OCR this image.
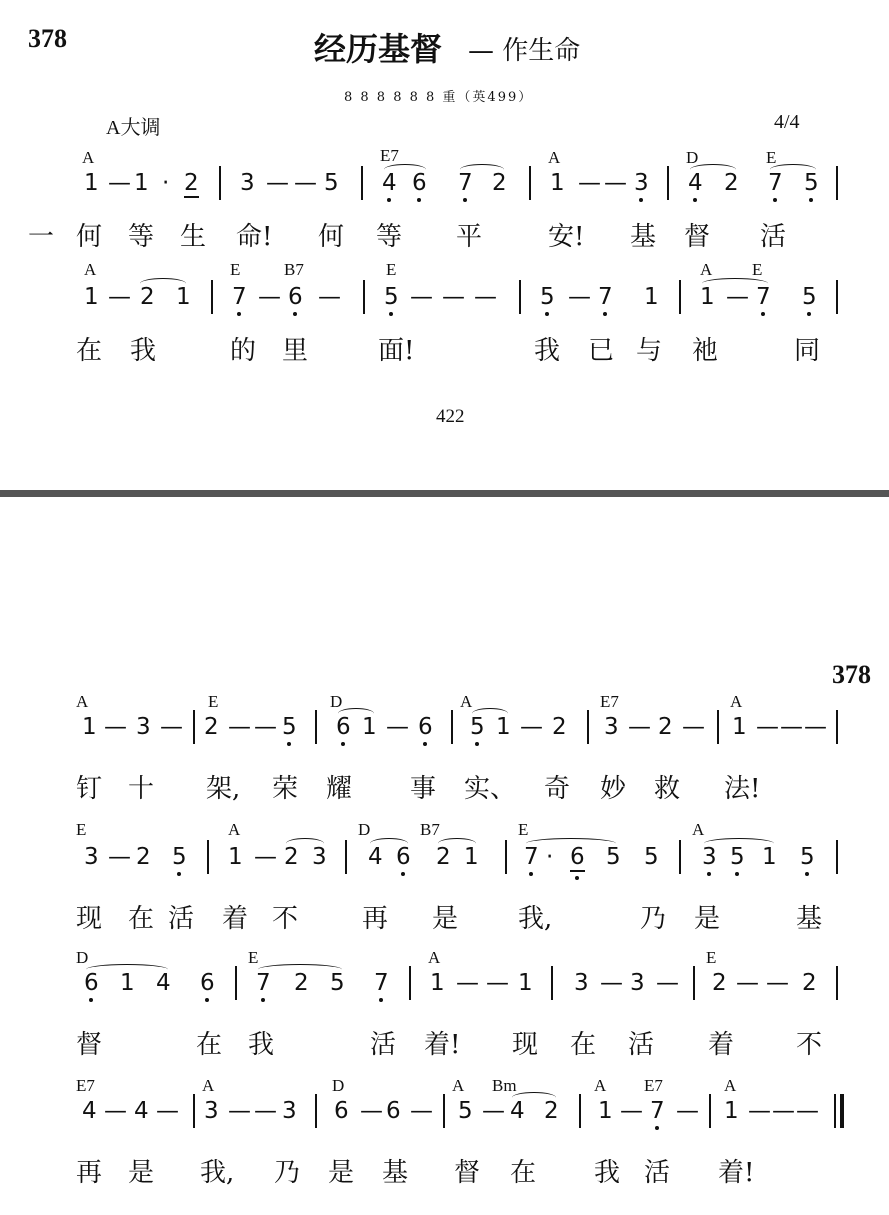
378	经历基督 — 作生命
8 8 8 8 8 8 重（英499）
A大调	4/4
A	E7	A	D	E
1 — 1 · 2 3 — — 5 4 6 7 2 1 — — 3 4 2 7 5
一 何 等 生 命! 何 等 平	安! 基 督 活
A	E	B7	E	A E
1 — 2 1 7 — 6 — 5 — — — 5 — 7 1 1 — 7 5
在 我	的 里	面!	我 已 与 祂	同
422
378
A	E	D	A	E7	A
1 — 3 — 2 — — 5 6 1 — 6 5 1 — 2 3 — 2 — 1 — — —
钉 十 架, 荣 耀 事 实、 奇 妙 救 法!
E	A	D	B7	E	A
3 — 2 5 1 — 2 3 4 6 2 1 7 · 6 5 5 3 5 1 5
现 在 活 着 不 再 是 我,	乃 是	基
D	E	A	E
6 1 4 6 7 2 5 7 1 — — 1 3 — 3 — 2 — — 2
督	在 我	活 着! 现 在 活 着 不
E7	A	D	A Bm	A E7	A
4 — 4 — 3 — — 3 6 — 6 — 5 — 4 2 1 — 7 — 1 — — —
再 是 我, 乃 是 基 督 在 我 活 着!
